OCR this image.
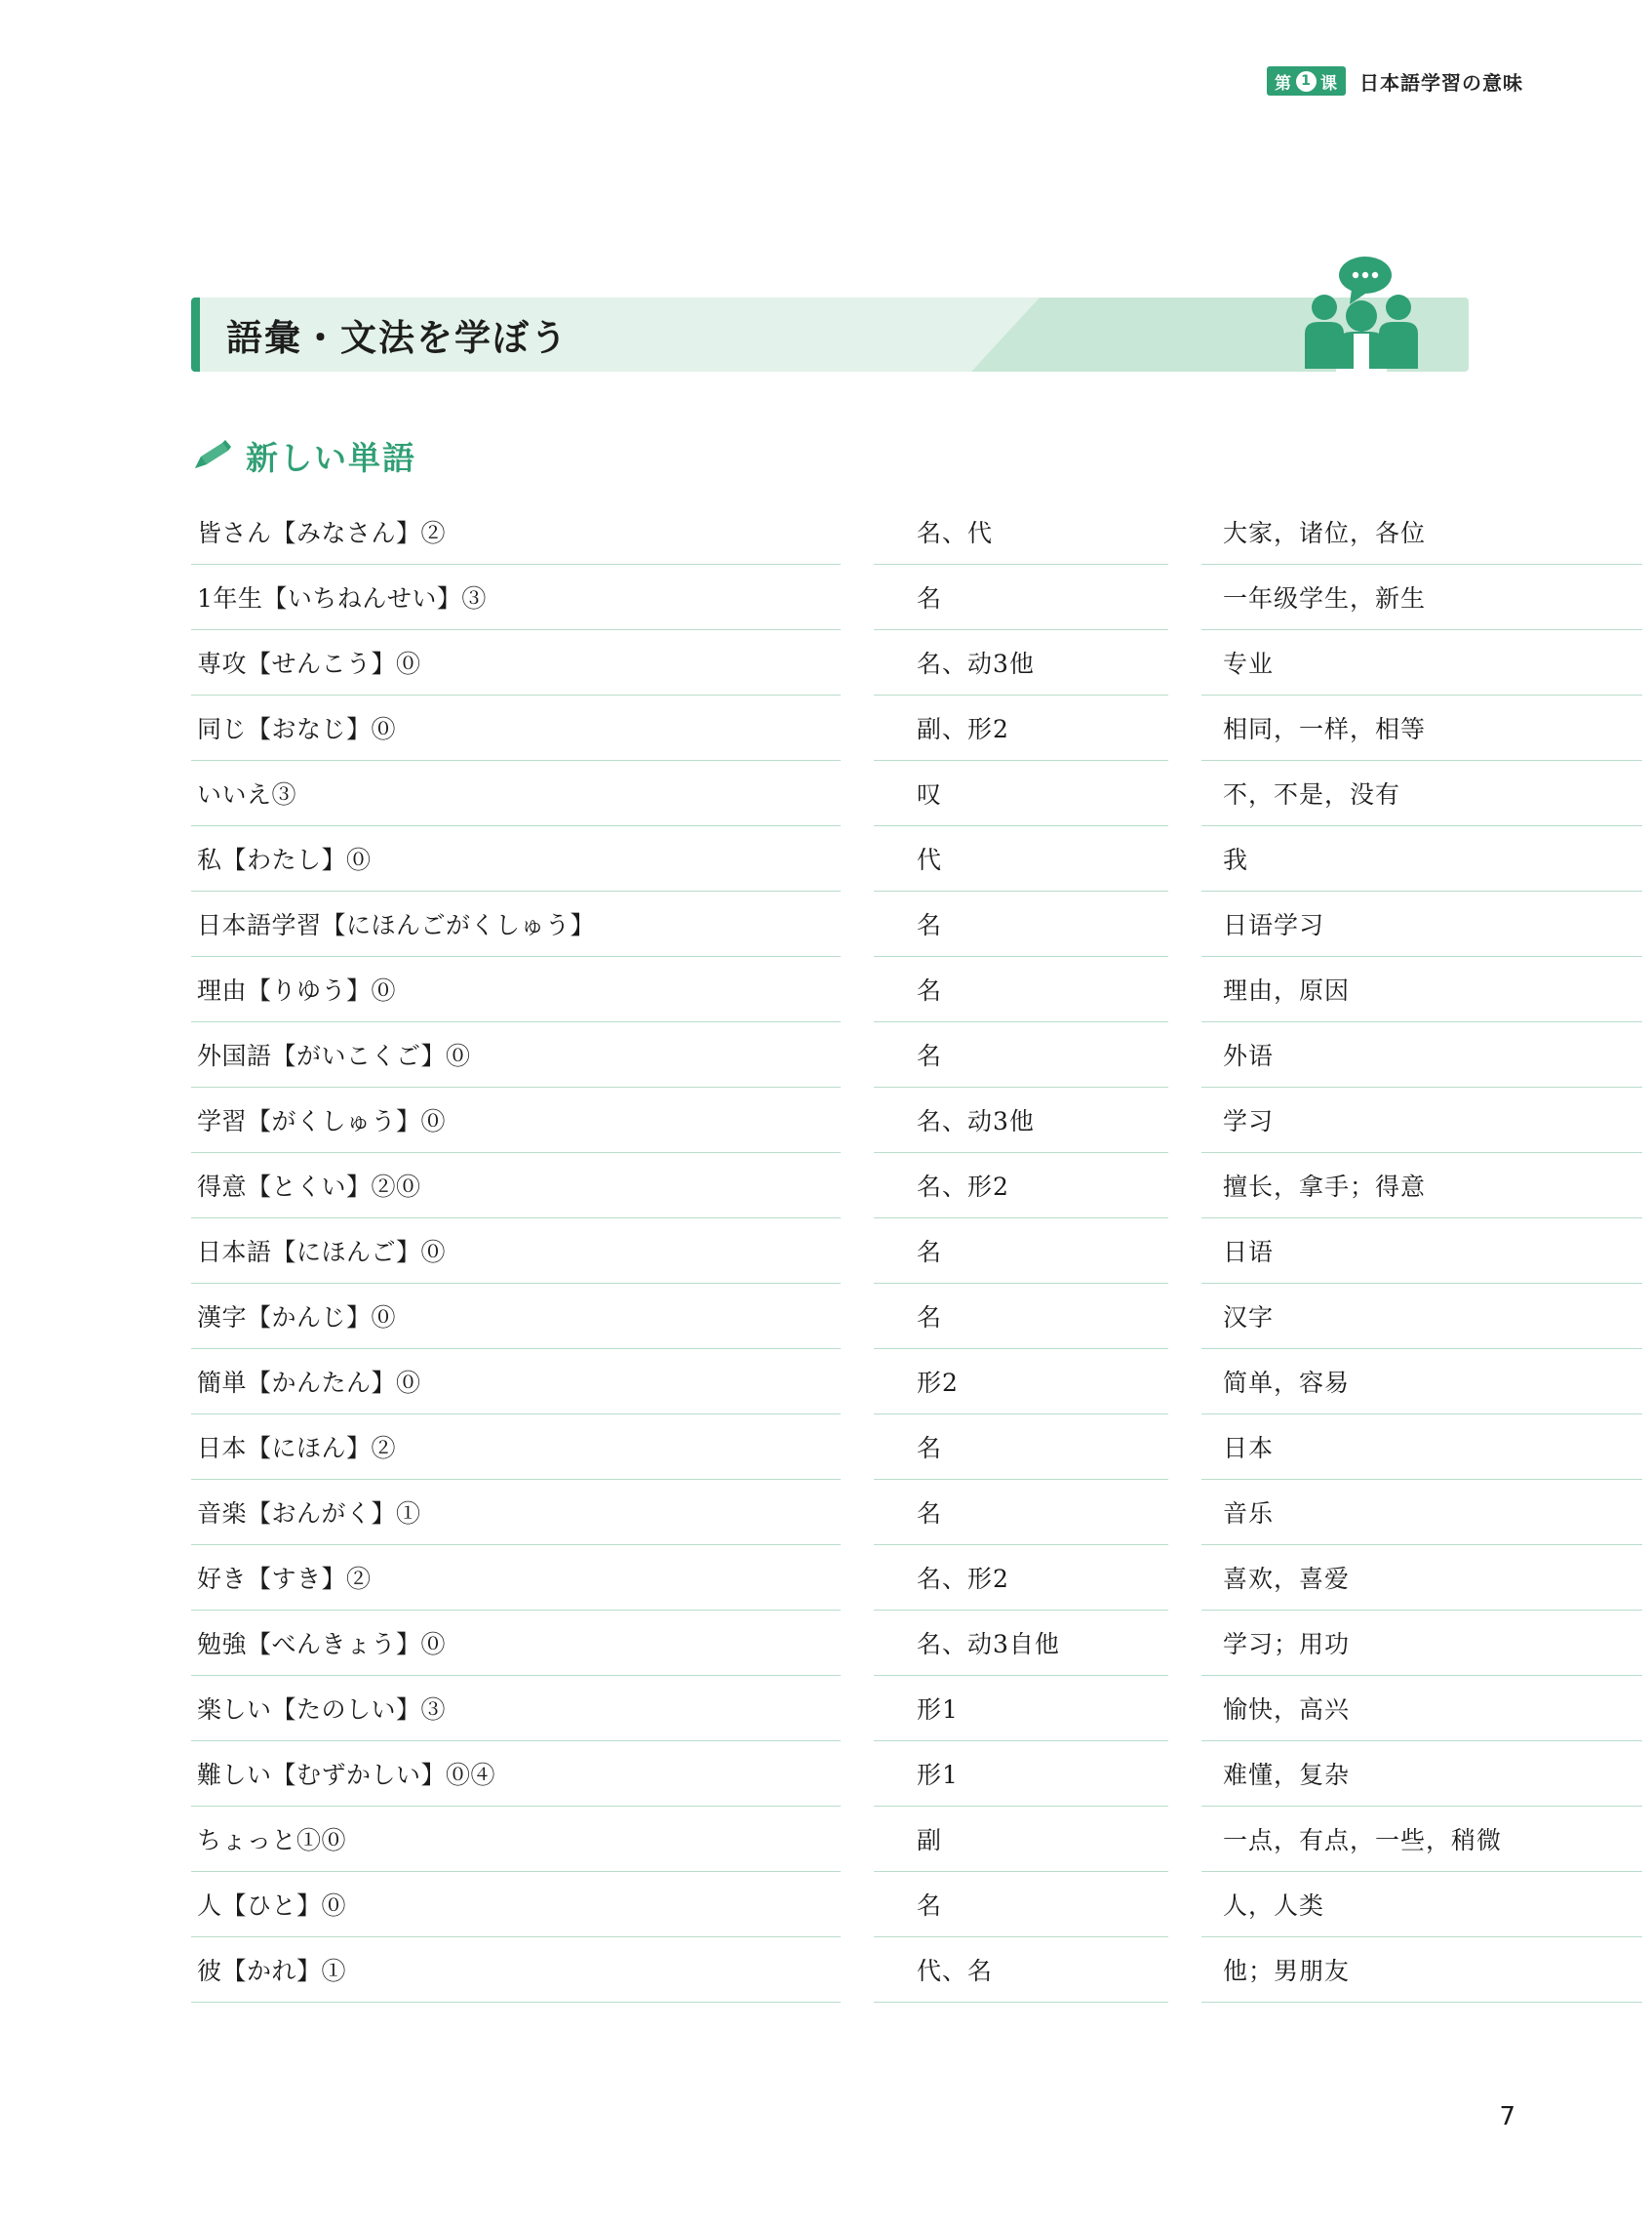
第 1 课 日本語学習の意味
語彙・文法を学ぼう
新しい単語
皆さん【みなさん】②		名、代		大家，诸位，各位
1年生【いちねんせい】③		名		一年级学生，新生
専攻【せんこう】⓪		名、动3他		专业
同じ【おなじ】⓪		副、形2		相同，一样，相等
いいえ③		叹		不，不是，没有
私【わたし】⓪		代		我
日本語学習【にほんごがくしゅう】		名		日语学习
理由【りゆう】⓪		名		理由，原因
外国語【がいこくご】⓪		名		外语
学習【がくしゅう】⓪		名、动3他		学习
得意【とくい】②⓪		名、形2		擅长，拿手；得意
日本語【にほんご】⓪		名		日语
漢字【かんじ】⓪		名		汉字
簡単【かんたん】⓪		形2		简单，容易
日本【にほん】②		名		日本
音楽【おんがく】①		名		音乐
好き【すき】②		名、形2		喜欢，喜爱
勉強【べんきょう】⓪		名、动3自他		学习；用功
楽しい【たのしい】③		形1		愉快，高兴
難しい【むずかしい】⓪④		形1		难懂，复杂
ちょっと①⓪		副		一点，有点，一些，稍微
人【ひと】⓪		名		人，人类
彼【かれ】①		代、名		他；男朋友
7
